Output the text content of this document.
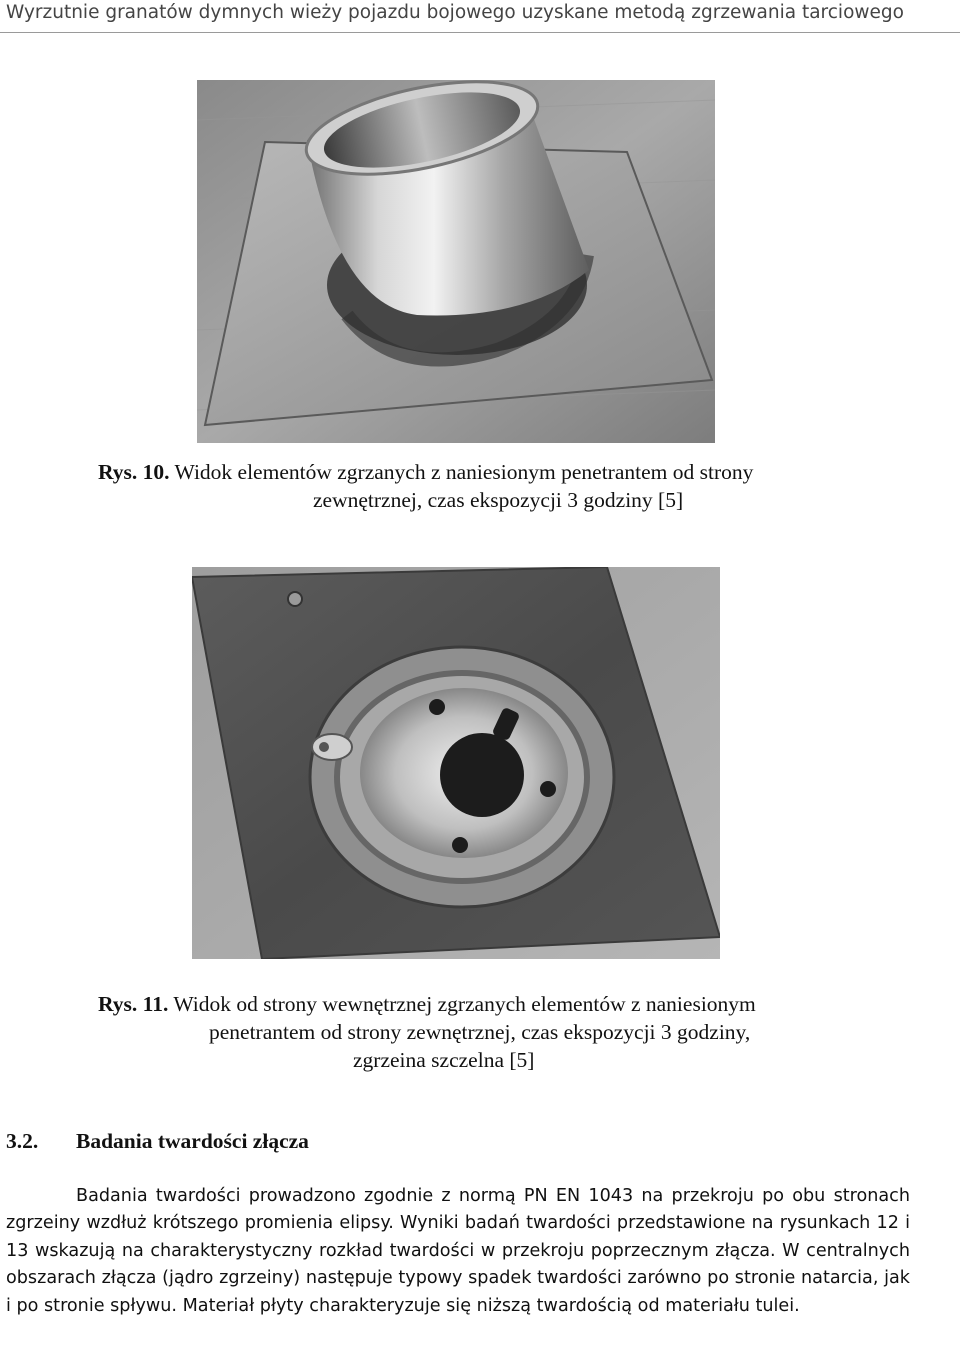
Wyrzutnie granatów dymnych wieży pojazdu bojowego uzyskane metodą zgrzewania tarciowego
Rys. 10. Widok elementów zgrzanych z naniesionym penetrantem od strony
zewnętrznej, czas ekspozycji 3 godziny [5]
Rys. 11. Widok od strony wewnętrznej zgrzanych elementów z naniesionym
penetrantem od strony zewnętrznej, czas ekspozycji 3 godziny,
zgrzeina szczelna [5]
3.2. Badania twardości złącza

Badania twardości prowadzono zgodnie z normą PN EN 1043 na przekroju po obu stronach zgrzeiny wzdłuż krótszego promienia elipsy. Wyniki badań twardości przedstawione na rysunkach 12 i 13 wskazują na charakterystyczny rozkład twardości w przekroju poprzecznym złącza. W centralnych obszarach złącza (jądro zgrzeiny) następuje typowy spadek twardości zarówno po stronie natarcia, jak i po stronie spływu. Materiał płyty charakteryzuje się niższą twardością od materiału tulei.
